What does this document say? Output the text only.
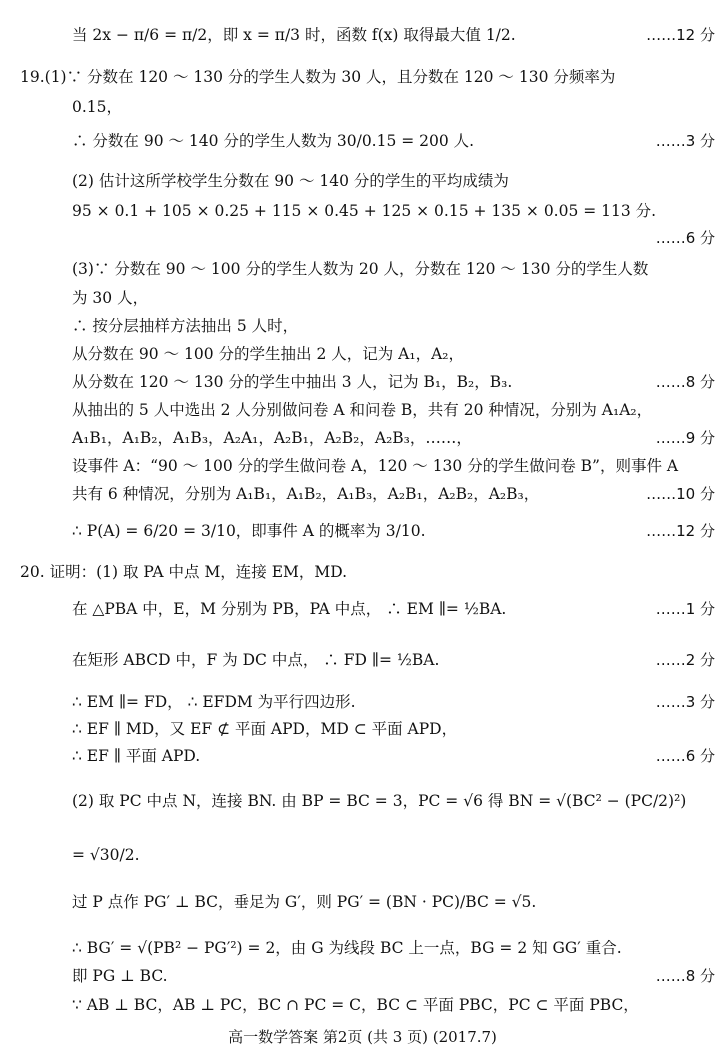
当 2x − π/6 = π/2，即 x = π/3 时，函数 f(x) 取得最大值 1/2.	……12 分
19.(1)∵ 分数在 120 ～ 130 分的学生人数为 30 人，且分数在 120 ～ 130 分频率为
0.15，
∴ 分数在 90 ～ 140 分的学生人数为 30/0.15 = 200 人.	……3 分
(2) 估计这所学校学生分数在 90 ～ 140 分的学生的平均成绩为
95 × 0.1 + 105 × 0.25 + 115 × 0.45 + 125 × 0.15 + 135 × 0.05 = 113 分.
……6 分
(3)∵ 分数在 90 ～ 100 分的学生人数为 20 人，分数在 120 ～ 130 分的学生人数
为 30 人，
∴ 按分层抽样方法抽出 5 人时，
从分数在 90 ～ 100 分的学生抽出 2 人，记为 A₁，A₂，
从分数在 120 ～ 130 分的学生中抽出 3 人，记为 B₁，B₂，B₃.	……8 分
从抽出的 5 人中选出 2 人分别做问卷 A 和问卷 B，共有 20 种情况，分别为 A₁A₂，
A₁B₁，A₁B₂，A₁B₃，A₂A₁，A₂B₁，A₂B₂，A₂B₃，……，	……9 分
设事件 A：“90 ～ 100 分的学生做问卷 A，120 ～ 130 分的学生做问卷 B”，则事件 A
共有 6 种情况，分别为 A₁B₁，A₁B₂，A₁B₃，A₂B₁，A₂B₂，A₂B₃，	……10 分
∴ P(A) = 6/20 = 3/10，即事件 A 的概率为 3/10.	……12 分
20. 证明：(1) 取 PA 中点 M，连接 EM，MD.
在 △PBA 中，E，M 分别为 PB，PA 中点， ∴ EM ∥= ½BA.	……1 分
在矩形 ABCD 中，F 为 DC 中点， ∴ FD ∥= ½BA.	……2 分
∴ EM ∥= FD， ∴ EFDM 为平行四边形.	……3 分
∴ EF ∥ MD，又 EF ⊄ 平面 APD，MD ⊂ 平面 APD，
∴ EF ∥ 平面 APD.	……6 分
(2) 取 PC 中点 N，连接 BN. 由 BP = BC = 3，PC = √6 得 BN = √(BC² − (PC/2)²)
= √30/2.
过 P 点作 PG′ ⊥ BC，垂足为 G′，则 PG′ = (BN · PC)/BC = √5.
∴ BG′ = √(PB² − PG′²) = 2，由 G 为线段 BC 上一点，BG = 2 知 GG′ 重合.
即 PG ⊥ BC.	……8 分
∵ AB ⊥ BC，AB ⊥ PC，BC ∩ PC = C，BC ⊂ 平面 PBC，PC ⊂ 平面 PBC，
高一数学答案 第2页 (共 3 页) (2017.7)
